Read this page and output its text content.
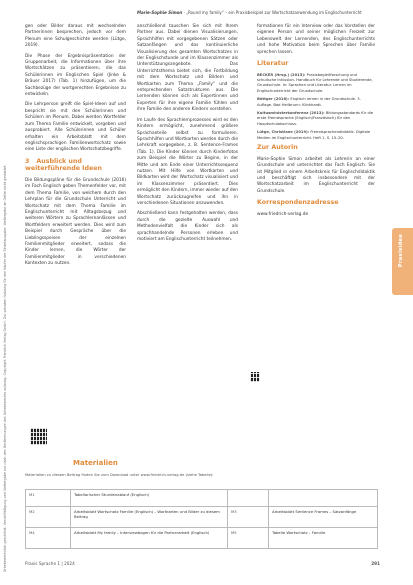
Urheberrechtlich geschützt. Vervielfältigung und Weitergabe nur nach den Bestimmungen des Urheberrechts zulässig. Copyright Friedrich Verlag GmbH. Zur privaten Nutzung für den Käufer der Einzelausgabe. Weitergabe an Dritte nicht gestattet.
Marie-Sophie Simon · „Round my family“ – ein Praxisbeispiel zur Wortschatzanwendung im Englischunterricht

gen oder Bilder daraus mit wechselnden Partnerinnen besprechen, jedoch vor dem Plenum eine Schulgeschichte werden (Lütge, 2019).

Die Phase der Ergebnispräsentation der Gruppenarbeit, die Informationen über ihre Wortschätzen zu präsentieren, die das Schülerinnen im Englischen Spiel (Jinke & Bräuer 2017) (Tab. 1) hinzufügen, um die Sachbezüge der wortgerechten Ergebnisse zu entwickeln.

Die Lehrperson greift die Spiel-Ideen auf und bespricht sie mit den Schülerinnen und Schülern im Plenum. Dabei werden Wortfelder zum Thema Familie entwickelt, vorgeben und ausprobiert. Alle Schülerinnen und Schüler erhalten ein Arbeitsblatt mit dem englischsprachigen Familienwortschatz sowie eine Liste der englischen Wortschatzbegriffe.

3 Ausblick und weiterführende Ideen

Die Bildungspläne für die Grundschule (2016) im Fach Englisch geben Themenfelder vor, mit dem Thema Familie, von welchem durch den Lehrplan für die Grundschule Unterricht und Wortschatz mit dem Thema Familie im Englischunterricht mit Alltagsbezug und weiteren Wörtern zu Sprachlernanlässen und Wortfeldern erweitert werden. Dies wird zum Beispiel durch Gespräche über die Lieblingsspeisen der einzelnen Familienmitglieder erweitert, sodass die Kinder lernen, die Wörter der Familienmitglieder in verschiedenen Kontexten zu nutzen.

anschließend tauschen Sie sich mit Ihrem Partner aus. Dabei dienen Visualisierungen, Sprachhilfen mit vorgegebenen Sätzen oder Satzanfängen und das kontinuierliche Visualisierung des gesamten Wortschatzes in der Englischstunde und im Klassenzimmer als Unterstützungsangebote. Das Unterrichtsthema bietet sich, die Fortbildung mit dem Wortschatz und Bildern und Wortkarten zum Thema „Family“ und die entsprechenden Satzstrukturen aus. Die Lernenden können sich als Expertinnen und Experten für ihre eigene Familie fühlen und ihre Familie den anderen Kindern vorstellen.

Im Laufe des Sprachlernprozesses wird es den Kindern ermöglicht, zunehmend größere Sprachanteile selbst zu formulieren. Sprachhilfen und Wortkarten werden durch die Lehrkraft vorgegeben, z. B. Sentence-Frames (Tab. 1). Die Kinder können durch Kinderfotos zum Beispiel die Wörter zu Beginn, in der Mitte und am Ende einer Unterrichtssequenz nutzen. Mit Hilfe von Wortkarten und Bildkarten wird der Wortschatz visualisiert und im Klassenzimmer präsentiert. Dies ermöglicht den Kindern, immer wieder auf den Wortschatz zurückzugreifen und ihn in verschiedenen Situationen anzuwenden.

Abschließend kann festgehalten werden, dass durch die gezielte Auswahl und Methodenvielfalt die Kinder sich als sprachhandelnde Personen erleben und motiviert am Englischunterricht teilnehmen.

formationen für ein Interview oder das Vorstellen der eigenen Person und seiner möglichen Freizeit zur Lebenswelt der Lernenden, des Englischunterrichts und hohe Motivation beim Sprechen über Familie sprechen lassen.

Literatur
BECKER (Hrsg.) (2015): Praxisbegleitforschung und schulische Inklusion. Handbuch für Lehrende und Studierende, Grundschule. In: Sprachen und Literatur. Lernen im Englischunterricht der Grundschule.
Böttger (2016): Englisch lernen in der Grundschule. 3. Auflage. Bad Heilbrunn: Klinkhardt.
Kultusministerkonferenz (2013): Bildungsstandards für die erste Fremdsprache (Englisch/Französisch) für den Hauptschulabschluss.
Lütge, Christiane (2019): Fremdsprachendidaktik. Digitale Medien im Englischunterricht. Heft 1, S. 15–20.
Zur Autorin

Marie-Sophie Simon arbeitet als Lehrerin an einer Grundschule und unterrichtet das Fach Englisch. Sie ist Mitglied in einem Arbeitskreis für Englischdidaktik und beschäftigt sich insbesondere mit der Wortschatzarbeit im Englischunterricht der Grundschule.

Korrespondenzadresse

www.friedrich-verlag.de

Praxisidee
Materialien
Materialien zu diesem Beitrag finden Sie zum Download unter www.friedrich-verlag.de (siehe Tabelle):
M1	Tabellarischer Stundenablauf (Englisch)		
M2	Arbeitsblatt Wortschatz Familie (Englisch) – Wortkarten und Bilder zu diesem Beitrag	M3	Arbeitsblatt Sentence Frames – Satzanfänge
M4	Arbeitsblatt My family – Interviewbogen für die Partnerarbeit (Englisch)	M5	Tabelle Wortschatz – Familie
Praxis Sprache 1 | 2024	291
